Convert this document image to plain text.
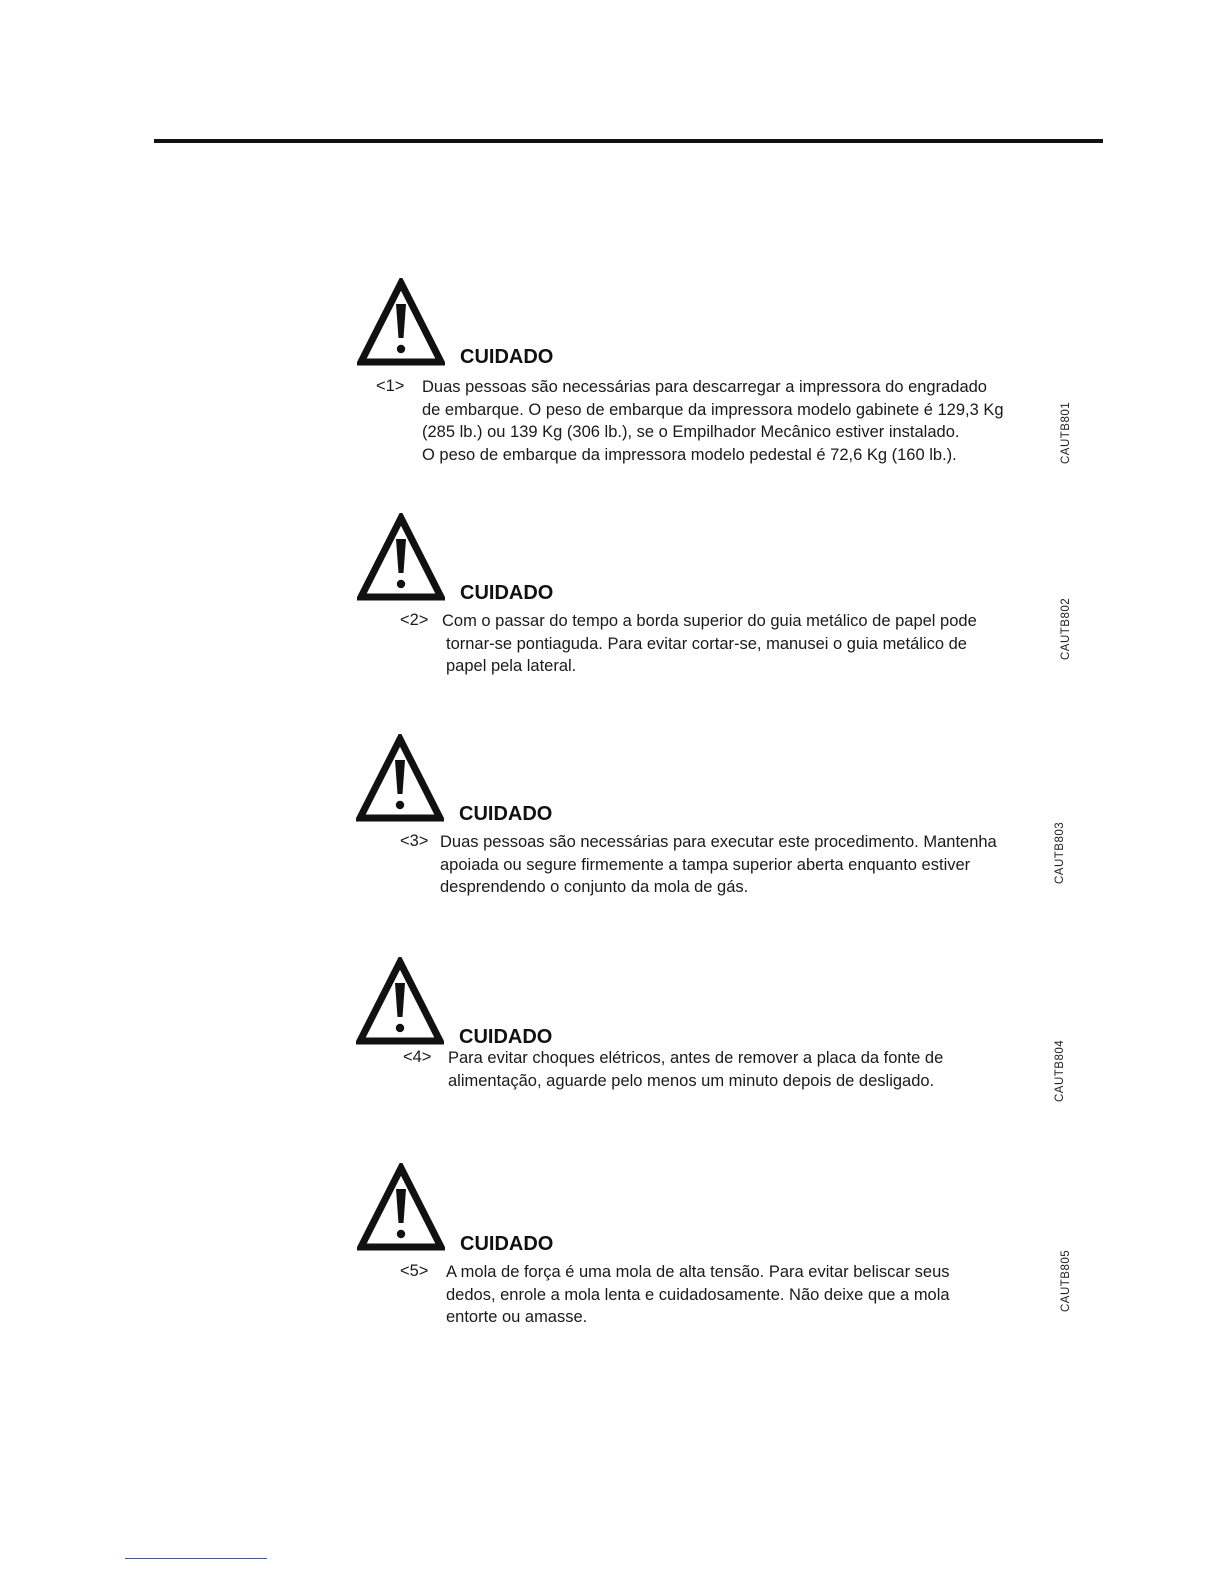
CUIDADO
<1> Duas pessoas são necessárias para descarregar a impressora do engradado
de embarque. O peso de embarque da impressora modelo gabinete é 129,3 Kg
(285 lb.) ou 139 Kg (306 lb.), se o Empilhador Mecânico estiver instalado.
O peso de embarque da impressora modelo pedestal é 72,6 Kg (160 lb.).	CAUTB801
CUIDADO
<2> Com o passar do tempo a borda superior do guia metálico de papel pode
tornar-se pontiaguda. Para evitar cortar-se, manusei o guia metálico de
papel pela lateral.
CAUTB802
CUIDADO
<3> Duas pessoas são necessárias para executar este procedimento. Mantenha
apoiada ou segure firmemente a tampa superior aberta enquanto estiver
desprendendo o conjunto da mola de gás.
CAUTB803
CUIDADO
<4> Para evitar choques elétricos, antes de remover a placa da fonte de
alimentação, aguarde pelo menos um minuto depois de desligado.	CAUTB804
CUIDADO
<5> A mola de força é uma mola de alta tensão. Para evitar beliscar seus
dedos, enrole a mola lenta e cuidadosamente. Não deixe que a mola
entorte ou amasse.
CAUTB805
